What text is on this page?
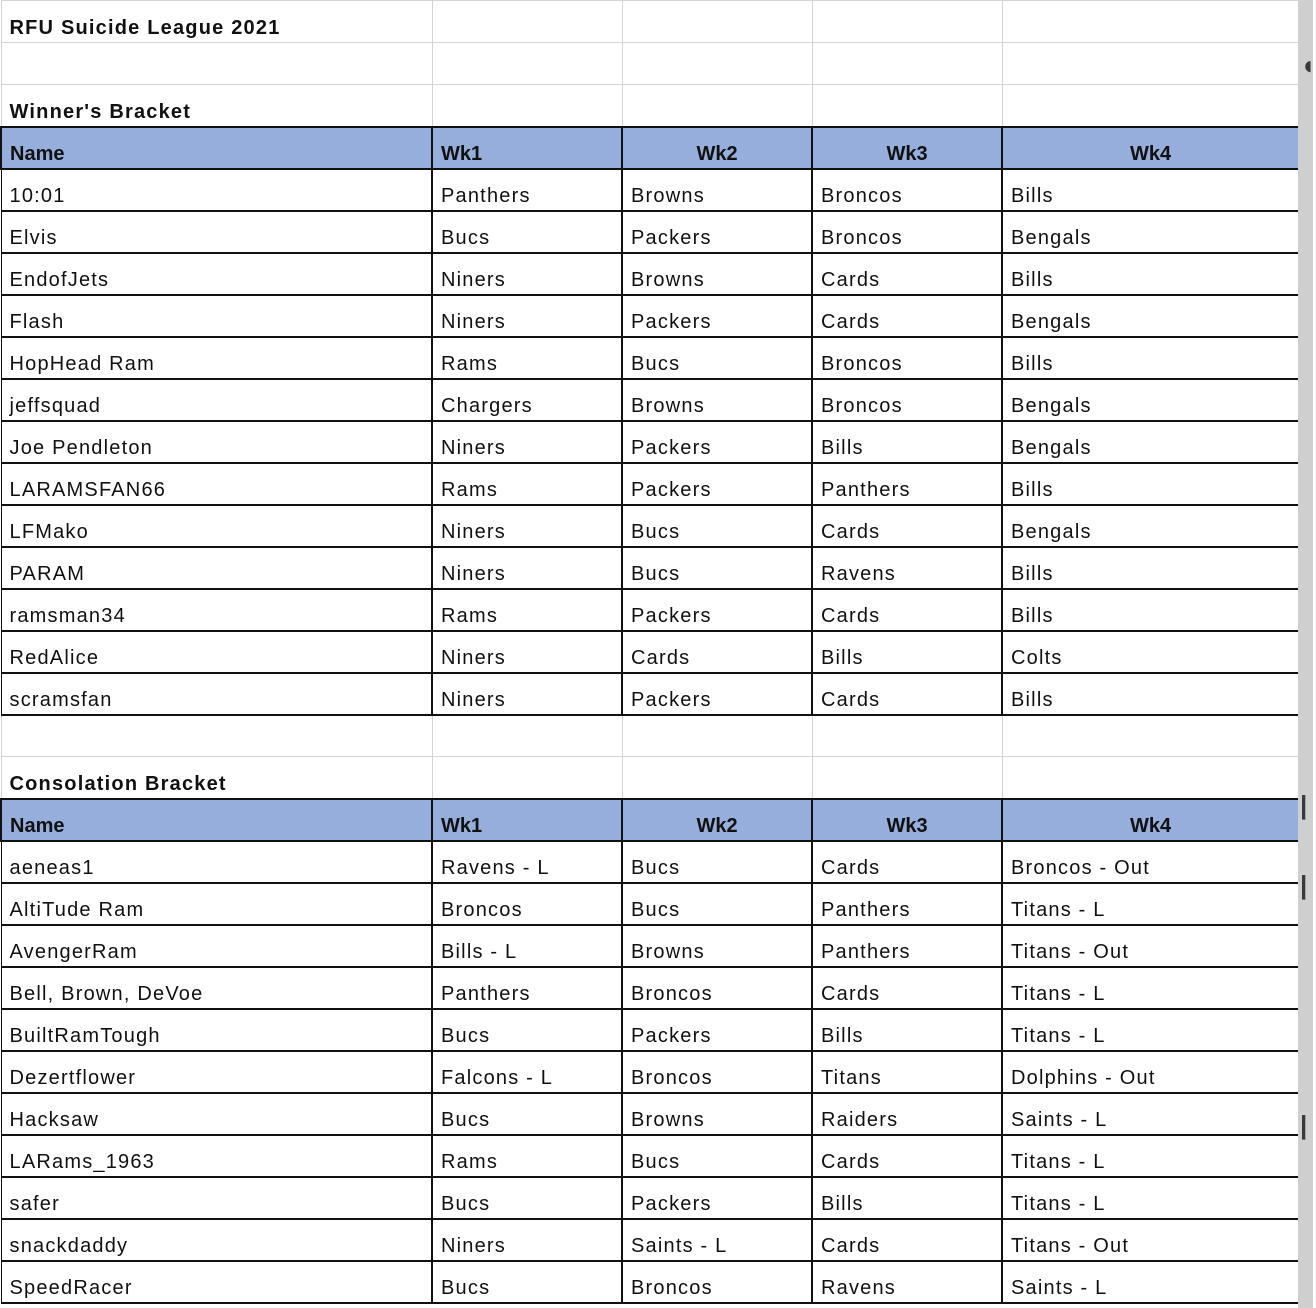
RFU Suicide League 2021				

Winner's Bracket				
Name	Wk1	Wk2	Wk3	Wk4
10:01	Panthers	Browns	Broncos	Bills
Elvis	Bucs	Packers	Broncos	Bengals
EndofJets	Niners	Browns	Cards	Bills
Flash	Niners	Packers	Cards	Bengals
HopHead Ram	Rams	Bucs	Broncos	Bills
jeffsquad	Chargers	Browns	Broncos	Bengals
Joe Pendleton	Niners	Packers	Bills	Bengals
LARAMSFAN66	Rams	Packers	Panthers	Bills
LFMako	Niners	Bucs	Cards	Bengals
PARAM	Niners	Bucs	Ravens	Bills
ramsman34	Rams	Packers	Cards	Bills
RedAlice	Niners	Cards	Bills	Colts
scramsfan	Niners	Packers	Cards	Bills

Consolation Bracket				
Name	Wk1	Wk2	Wk3	Wk4
aeneas1	Ravens - L	Bucs	Cards	Broncos - Out
AltiTude Ram	Broncos	Bucs	Panthers	Titans - L
AvengerRam	Bills - L	Browns	Panthers	Titans - Out
Bell, Brown, DeVoe	Panthers	Broncos	Cards	Titans - L
BuiltRamTough	Bucs	Packers	Bills	Titans - L
Dezertflower	Falcons - L	Broncos	Titans	Dolphins - Out
Hacksaw	Bucs	Browns	Raiders	Saints - L
LARams_1963	Rams	Bucs	Cards	Titans - L
safer	Bucs	Packers	Bills	Titans - L
snackdaddy	Niners	Saints - L	Cards	Titans - Out
SpeedRacer	Bucs	Broncos	Ravens	Saints - L
◖
|
|
|
